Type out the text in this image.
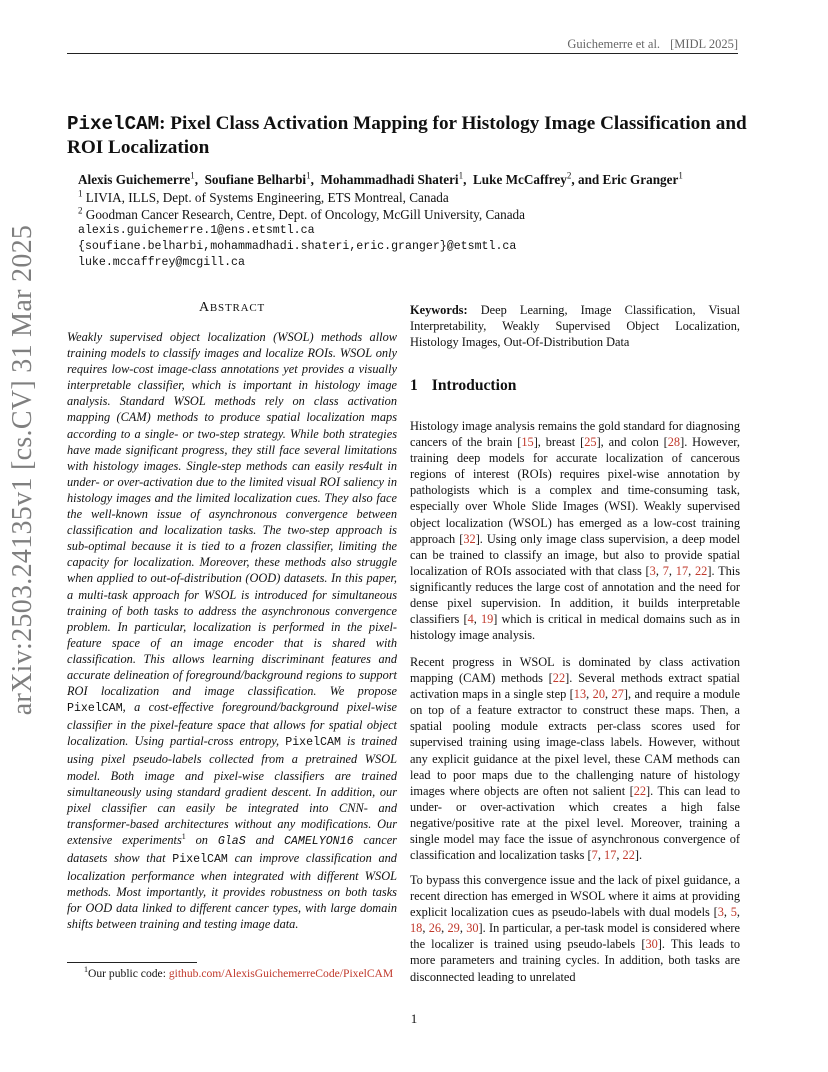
Guichemerre et al. [MIDL 2025]
arXiv:2503.24135v1 [cs.CV] 31 Mar 2025
PixelCAM: Pixel Class Activation Mapping for Histology Image Classification and ROI Localization
Alexis Guichemerre$^1$,  Soufiane Belharbi$^1$,  Mohammadhadi Shateri$^1$,  Luke McCaffrey$^2$, and Eric Granger$^1$
$^1$ LIVIA, ILLS, Dept. of Systems Engineering, ETS Montreal, Canada
$^2$ Goodman Cancer Research, Centre, Dept. of Oncology, McGill University, Canada
alexis.guichemerre.1@ens.etsmtl.ca
{soufiane.belharbi,mohammadhadi.shateri,eric.granger}@etsmtl.ca
luke.mccaffrey@mcgill.ca
ABSTRACT

Weakly supervised object localization (WSOL) methods allow training models to classify images and localize ROIs. WSOL only requires low-cost image-class annotations yet provides a visually interpretable classifier, which is important in histology image analysis. Standard WSOL methods rely on class activation mapping (CAM) methods to produce spatial localization maps according to a single- or two-step strategy. While both strategies have made significant progress, they still face several limitations with histology images. Single-step methods can easily res4ult in under- or over-activation due to the limited visual ROI saliency in histology images and the limited localization cues. They also face the well-known issue of asynchronous convergence between classification and localization tasks. The two-step approach is sub-optimal because it is tied to a frozen classifier, limiting the capacity for localization. Moreover, these methods also struggle when applied to out-of-distribution (OOD) datasets. In this paper, a multi-task approach for WSOL is introduced for simultaneous training of both tasks to address the asynchronous convergence problem. In particular, localization is performed in the pixel-feature space of an image encoder that is shared with classification. This allows learning discriminant features and accurate delineation of foreground/background regions to support ROI localization and image classification. We propose PixelCAM, a cost-effective foreground/background pixel-wise classifier in the pixel-feature space that allows for spatial object localization. Using partial-cross entropy, PixelCAM is trained using pixel pseudo-labels collected from a pretrained WSOL model. Both image and pixel-wise classifiers are trained simultaneously using standard gradient descent. In addition, our pixel classifier can easily be integrated into CNN- and transformer-based architectures without any modifications. Our extensive experiments$^1$ on GlaS and CAMELYON16 cancer datasets show that PixelCAM can improve classification and localization performance when integrated with different WSOL methods. Most importantly, it provides robustness on both tasks for OOD data linked to different cancer types, with large domain shifts between training and testing image data.

Keywords: Deep Learning, Image Classification, Visual Interpretability, Weakly Supervised Object Localization, Histology Images, Out-Of-Distribution Data

1 Introduction

Histology image analysis remains the gold standard for diagnosing cancers of the brain [15], breast [25], and colon [28]. However, training deep models for accurate localization of cancerous regions of interest (ROIs) requires pixel-wise annotation by pathologists which is a complex and time-consuming task, especially over Whole Slide Images (WSI). Weakly supervised object localization (WSOL) has emerged as a low-cost training approach [32]. Using only image class supervision, a deep model can be trained to classify an image, but also to provide spatial localization of ROIs associated with that class [3, 7, 17, 22]. This significantly reduces the large cost of annotation and the need for dense pixel supervision. In addition, it builds interpretable classifiers [4, 19] which is critical in medical domains such as in histology image analysis.

Recent progress in WSOL is dominated by class activation mapping (CAM) methods [22]. Several methods extract spatial activation maps in a single step [13, 20, 27], and require a module on top of a feature extractor to construct these maps. Then, a spatial pooling module extracts per-class scores used for supervised training using image-class labels. However, without any explicit guidance at the pixel level, these CAM methods can lead to poor maps due to the challenging nature of histology images where objects are often not salient [22]. This can lead to under- or over-activation which creates a high false negative/positive rate at the pixel level. Moreover, training a single model may face the issue of asynchronous convergence of classification and localization tasks [7, 17, 22].

To bypass this convergence issue and the lack of pixel guidance, a recent direction has emerged in WSOL where it aims at providing explicit localization cues as pseudo-labels with dual models [3, 5, 18, 26, 29, 30]. In particular, a per-task model is considered where the localizer is trained using pseudo-labels [30]. This leads to more parameters and training cycles. In addition, both tasks are disconnected leading to unrelated

$^1$Our public code: github.com/AlexisGuichemerreCode/PixelCAM
1
